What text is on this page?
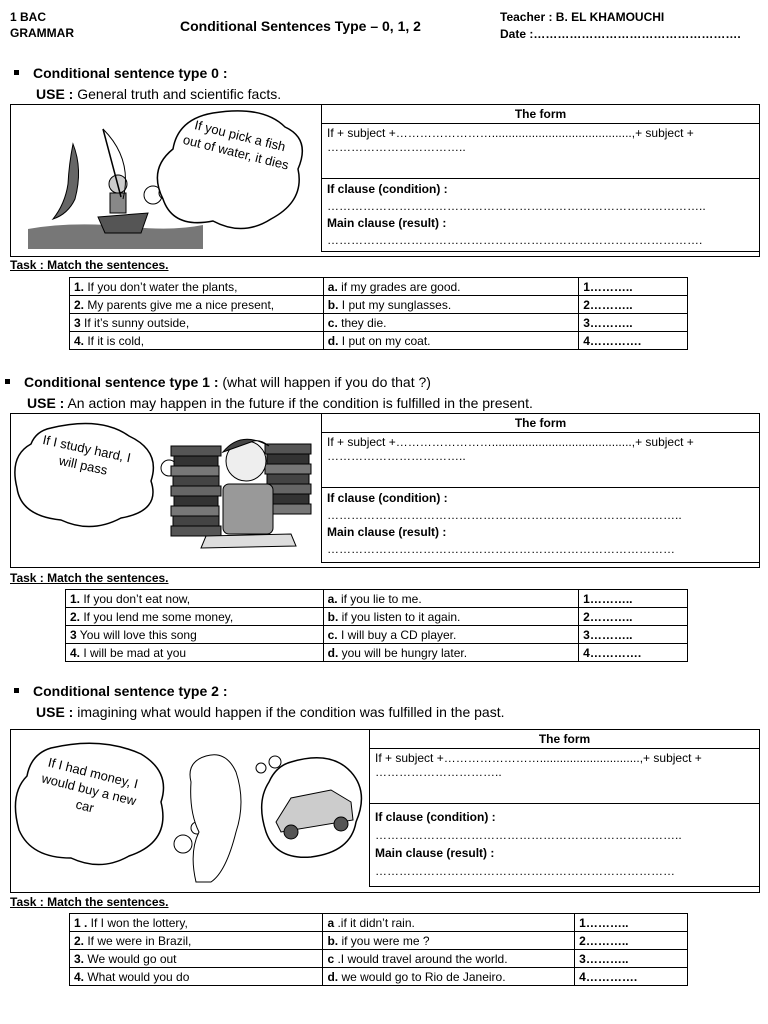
1 BAC
GRAMMAR	Conditional Sentences Type – 0, 1, 2
Teacher : B. EL KHAMOUCHI
Date :…………………………………………….
Conditional sentence type 0 :
USE : General truth and scientific facts.
If you pick a fish out of water, it dies
The form
If + subject +……………………..........................................,+ subject + ……………………………..

If clause (condition) :
…………………………………………………………………………………..
Main clause (result) :
………………………………………………………………………………….
Task : Match the sentences.
1. If you don’t water the plants,	a. if my grades are good.	1………..
2. My parents give me a nice present,	b. I put my sunglasses.	2………..
3 If it’s sunny outside,	c. they die.	3………..
4. If it is cold,	d. I put on my coat.	4………….
Conditional sentence type 1 : (what will happen if you do that ?)
USE : An action may happen in the future if the condition is fulfilled in the present.
If I study hard, I will pass
The form
If + subject +……………………..........................................,+ subject + ……………………………..

If clause (condition) :
……………………………………………………………………………..
Main clause (result) :
……………………………………………………………………………
Task : Match the sentences.
1. If you don’t eat now,	a. if you lie to me.	1………..
2. If you lend me some money,	b. if you listen to it again.	2………..
3 You will love this song	c. I will buy a CD player.	3………..
4. I will be mad at you	d. you will be hungry later.	4………….
Conditional sentence type 2 :
USE : imagining what would happen if the condition was fulfilled in the past.
If I had money, I would buy a new car
The form
If + subject +……………………..............................,+ subject + …………………………..

If clause (condition) :
…………………………………………………………………..
Main clause (result) :
…………………………………………………………………
Task : Match the sentences.
1 . If I won the lottery,	a .if it didn’t rain.	1………..
2. If we were in Brazil,	b. if you were me ?	2………..
3. We would go out	c .I would travel around the world.	3………..
4. What would you do	d. we would go to Rio de Janeiro.	4………….
